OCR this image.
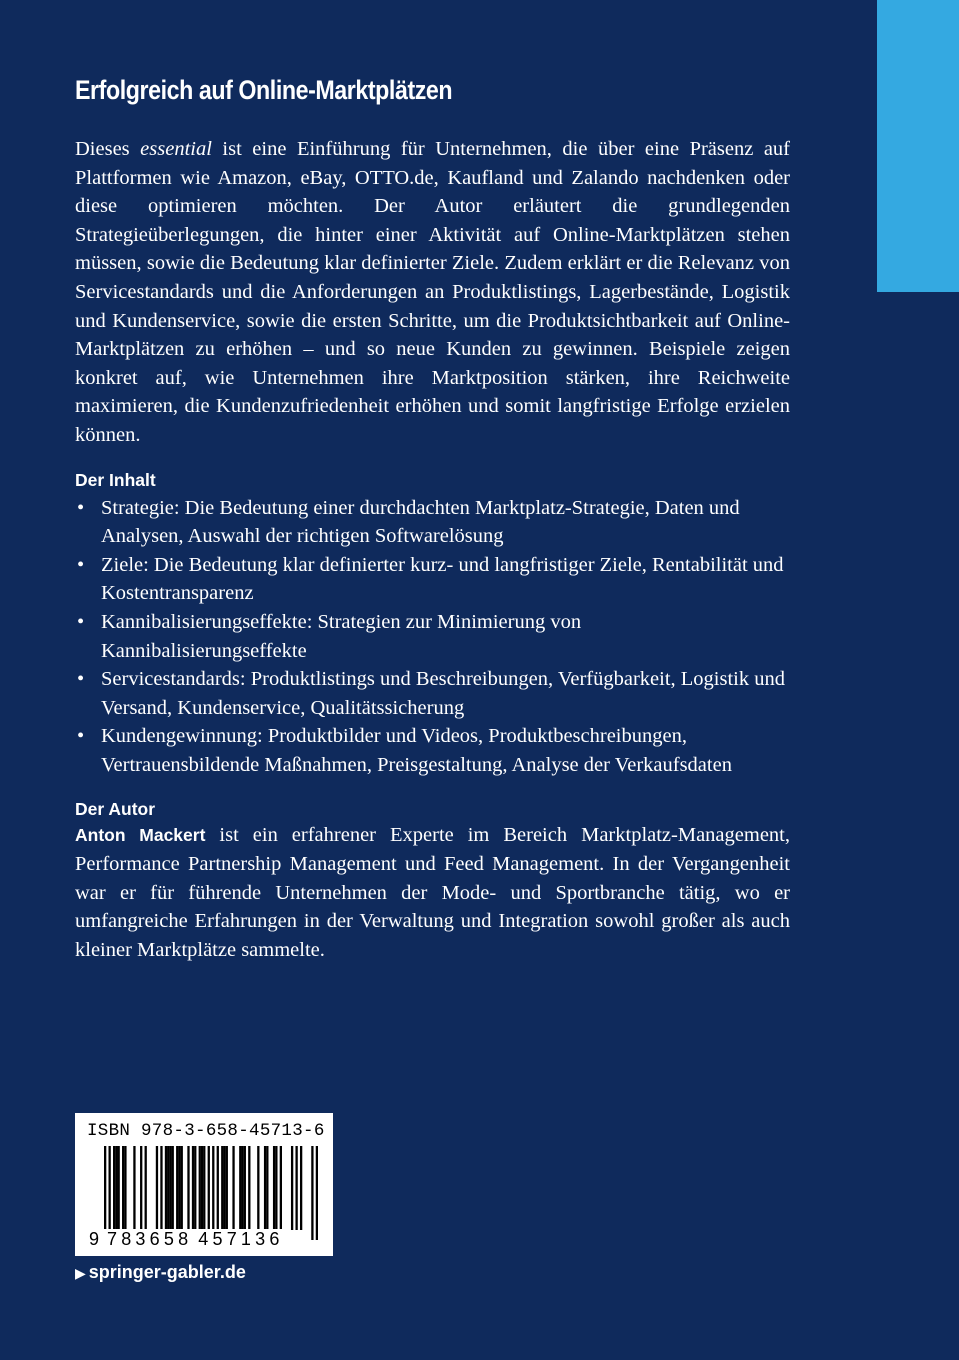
Erfolgreich auf Online-Marktplätzen

Dieses essential ist eine Einführung für Unternehmen, die über eine Präsenz auf Plattformen wie Amazon, eBay, OTTO.de, Kaufland und Zalando nachdenken oder diese optimieren möchten. Der Autor erläutert die grundlegenden Strategieüberlegungen, die hinter einer Aktivität auf Online-Marktplätzen stehen müssen, sowie die Bedeutung klar definierter Ziele. Zudem erklärt er die Relevanz von Servicestandards und die Anforderungen an Produktlistings, Lagerbestände, Logistik und Kundenservice, sowie die ersten Schritte, um die Produktsichtbarkeit auf Online-Marktplätzen zu erhöhen – und so neue Kunden zu gewinnen. Beispiele zeigen konkret auf, wie Unternehmen ihre Marktposition stärken, ihre Reichweite maximieren, die Kundenzufriedenheit erhöhen und somit langfristige Erfolge erzielen können.

Der Inhalt
• Strategie: Die Bedeutung einer durchdachten Marktplatz-Strategie, Daten und Analysen, Auswahl der richtigen Softwarelösung
• Ziele: Die Bedeutung klar definierter kurz- und langfristiger Ziele, Rentabilität und Kostentransparenz
• Kannibalisierungseffekte: Strategien zur Minimierung von Kannibalisierungseffekte
• Servicestandards: Produktlistings und Beschreibungen, Verfügbarkeit, Logistik und Versand, Kundenservice, Qualitätssicherung
• Kundengewinnung: Produktbilder und Videos, Produktbeschreibungen, Vertrauensbildende Maßnahmen, Preisgestaltung, Analyse der Verkaufsdaten
Der Autor

Anton Mackert ist ein erfahrener Experte im Bereich Marktplatz-Management, Performance Partnership Management und Feed Management. In der Vergangenheit war er für führende Unternehmen der Mode- und Sportbranche tätig, wo er umfangreiche Erfahrungen in der Verwaltung und Integration sowohl großer als auch kleiner Marktplätze sammelte.

ISBN 978-3-658-45713-6
9 783658 457136
▶ springer-gabler.de
